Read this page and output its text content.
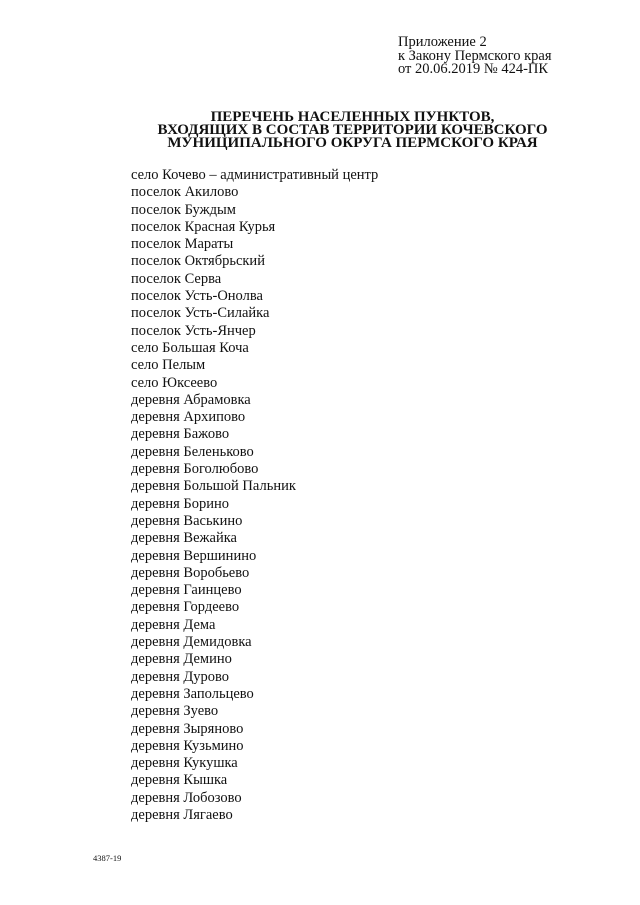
Приложение 2
к Закону Пермского края
от 20.06.2019 № 424-ПК
ПЕРЕЧЕНЬ НАСЕЛЕННЫХ ПУНКТОВ,
ВХОДЯЩИХ В СОСТАВ ТЕРРИТОРИИ КОЧЕВСКОГО
МУНИЦИПАЛЬНОГО ОКРУГА ПЕРМСКОГО КРАЯ
село Кочево – административный центр
поселок Акилово
поселок Буждым
поселок Красная Курья
поселок Мараты
поселок Октябрьский
поселок Серва
поселок Усть-Онолва
поселок Усть-Силайка
поселок Усть-Янчер
село Большая Коча
село Пелым
село Юксеево
деревня Абрамовка
деревня Архипово
деревня Бажово
деревня Беленьково
деревня Боголюбово
деревня Большой Пальник
деревня Борино
деревня Васькино
деревня Вежайка
деревня Вершинино
деревня Воробьево
деревня Гаинцево
деревня Гордеево
деревня Дема
деревня Демидовка
деревня Демино
деревня Дурово
деревня Запольцево
деревня Зуево
деревня Зыряново
деревня Кузьмино
деревня Кукушка
деревня Кышка
деревня Лобозово
деревня Лягаево
4387-19
